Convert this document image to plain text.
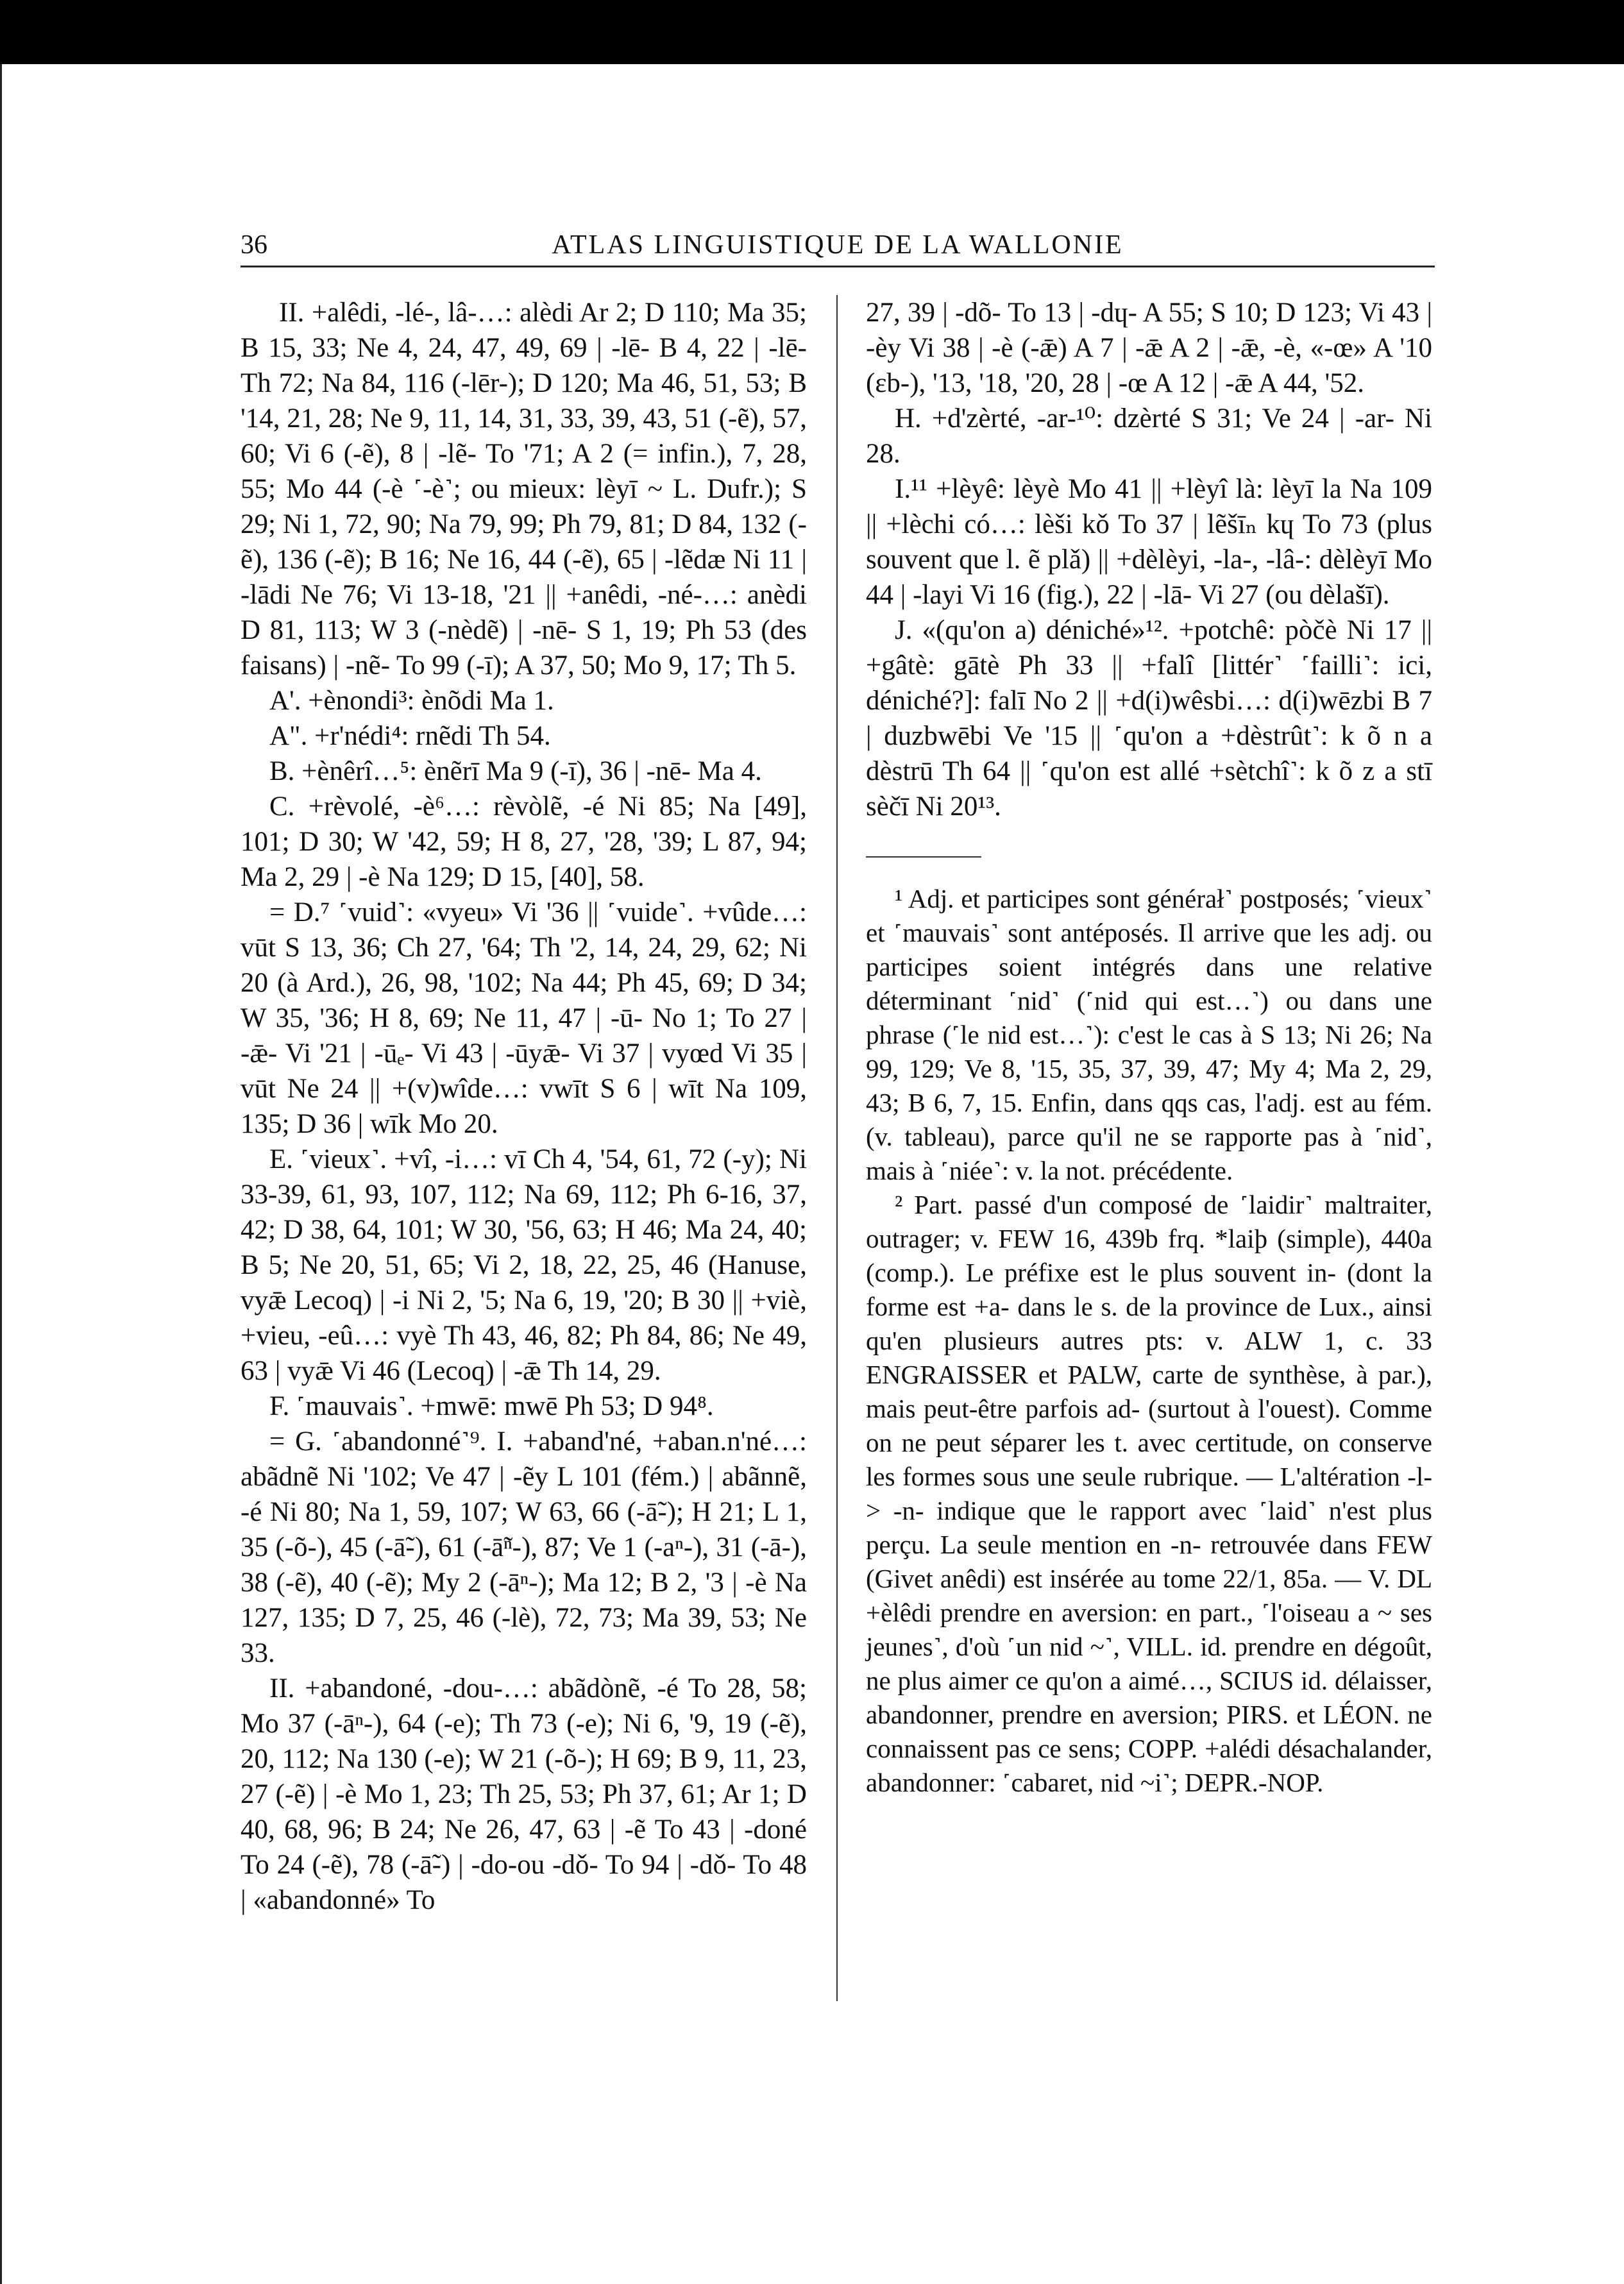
36	ATLAS LINGUISTIQUE DE LA WALLONIE

II. +alêdi, -lé-, lâ-…: alèdi Ar 2; D 110; Ma 35; B 15, 33; Ne 4, 24, 47, 49, 69 | -lē- B 4, 22 | -lē- Th 72; Na 84, 116 (-lēr-); D 120; Ma 46, 51, 53; B '14, 21, 28; Ne 9, 11, 14, 31, 33, 39, 43, 51 (-ẽ), 57, 60; Vi 6 (-ẽ), 8 | -lẽ- To '71; A 2 (= infin.), 7, 28, 55; Mo 44 (-è ˹-è˺; ou mieux: lèyī ~ L. Dufr.); S 29; Ni 1, 72, 90; Na 79, 99; Ph 79, 81; D 84, 132 (-ẽ), 136 (-ẽ); B 16; Ne 16, 44 (-ẽ), 65 | -lẽdæ Ni 11 | -lādi Ne 76; Vi 13-18, '21 || +anêdi, -né-…: anèdi D 81, 113; W 3 (-nèdẽ) | -nē- S 1, 19; Ph 53 (des faisans) | -nẽ- To 99 (-ī); A 37, 50; Mo 9, 17; Th 5.

A'. +ènondi³: ènõdi Ma 1.

A". +r'nédi⁴: rnẽdi Th 54.

B. +ènêrî…⁵: ènẽrī Ma 9 (-ī), 36 | -nē- Ma 4.

C. +rèvolé, -è⁶…: rèvòlẽ, -é Ni 85; Na [49], 101; D 30; W '42, 59; H 8, 27, '28, '39; L 87, 94; Ma 2, 29 | -è Na 129; D 15, [40], 58.

= D.⁷ ˹vuid˺: «vyeu» Vi '36 || ˹vuide˺. +vûde…: vūt S 13, 36; Ch 27, '64; Th '2, 14, 24, 29, 62; Ni 20 (à Ard.), 26, 98, '102; Na 44; Ph 45, 69; D 34; W 35, '36; H 8, 69; Ne 11, 47 | -ū- No 1; To 27 | -ǣ- Vi '21 | -ūₑ- Vi 43 | -ūyǣ- Vi 37 | vyœd Vi 35 | vūt Ne 24 || +(v)wîde…: vwīt S 6 | wīt Na 109, 135; D 36 | wīk Mo 20.

E. ˹vieux˺. +vî, -i…: vī Ch 4, '54, 61, 72 (-y); Ni 33-39, 61, 93, 107, 112; Na 69, 112; Ph 6-16, 37, 42; D 38, 64, 101; W 30, '56, 63; H 46; Ma 24, 40; B 5; Ne 20, 51, 65; Vi 2, 18, 22, 25, 46 (Hanuse, vyǣ Lecoq) | -i Ni 2, '5; Na 6, 19, '20; B 30 || +viè, +vieu, -eû…: vyè Th 43, 46, 82; Ph 84, 86; Ne 49, 63 | vyǣ Vi 46 (Lecoq) | -ǣ Th 14, 29.

F. ˹mauvais˺. +mwē: mwē Ph 53; D 94⁸.

= G. ˹abandonné˺⁹. I. +aband'né, +aban.n'né…: abãdnẽ Ni '102; Ve 47 | -ẽy L 101 (fém.) | abãnnẽ, -é Ni 80; Na 1, 59, 107; W 63, 66 (-ā̃-); H 21; L 1, 35 (-õ-), 45 (-ā̃-), 61 (-ā̃ⁿ-), 87; Ve 1 (-aⁿ-), 31 (-ā-), 38 (-ẽ), 40 (-ẽ); My 2 (-āⁿ-); Ma 12; B 2, '3 | -è Na 127, 135; D 7, 25, 46 (-lè), 72, 73; Ma 39, 53; Ne 33.

II. +abandoné, -dou-…: abãdònẽ, -é To 28, 58; Mo 37 (-āⁿ-), 64 (-e); Th 73 (-e); Ni 6, '9, 19 (-ẽ), 20, 112; Na 130 (-e); W 21 (-õ-); H 69; B 9, 11, 23, 27 (-ẽ) | -è Mo 1, 23; Th 25, 53; Ph 37, 61; Ar 1; D 40, 68, 96; B 24; Ne 26, 47, 63 | -ẽ To 43 | -doné To 24 (-ẽ), 78 (-ā̃-) | -do-ou -dǒ- To 94 | -dǒ- To 48 | «abandonné» To

27, 39 | -dõ- To 13 | -dɥ- A 55; S 10; D 123; Vi 43 | -èy Vi 38 | -è (-ǣ) A 7 | -ǣ A 2 | -ǣ, -è, «-œ» A '10 (ɛb-), '13, '18, '20, 28 | -œ A 12 | -ǣ A 44, '52.

H. +d'zèrté, -ar-¹⁰: dzèrté S 31; Ve 24 | -ar- Ni 28.

I.¹¹ +lèyê: lèyè Mo 41 || +lèyî là: lèyī la Na 109 || +lèchi có…: lèši kǒ To 37 | lẽšīₙ kɥ To 73 (plus souvent que l. ẽ plǎ) || +dèlèyi, -la-, -lâ-: dèlèyī Mo 44 | -layi Vi 16 (fig.), 22 | -lā- Vi 27 (ou dèlašī).

J. «(qu'on a) déniché»¹². +potchê: pòčè Ni 17 || +gâtè: gātè Ph 33 || +falî [littér˺ ˹failli˺: ici, déniché?]: falī No 2 || +d(i)wêsbi…: d(i)wēzbi B 7 | duzbwēbi Ve '15 || ˹qu'on a +dèstrût˺: k õ n a dèstrū Th 64 || ˹qu'on est allé +sètchî˺: k õ z a stī sèčī Ni 20¹³.

¹ Adj. et participes sont générał˺ postposés; ˹vieux˺ et ˹mauvais˺ sont antéposés. Il arrive que les adj. ou participes soient intégrés dans une relative déterminant ˹nid˺ (˹nid qui est…˺) ou dans une phrase (˹le nid est…˺): c'est le cas à S 13; Ni 26; Na 99, 129; Ve 8, '15, 35, 37, 39, 47; My 4; Ma 2, 29, 43; B 6, 7, 15. Enfin, dans qqs cas, l'adj. est au fém. (v. tableau), parce qu'il ne se rapporte pas à ˹nid˺, mais à ˹niée˺: v. la not. précédente.

² Part. passé d'un composé de ˹laidir˺ maltraiter, outrager; v. FEW 16, 439b frq. *laiþ (simple), 440a (comp.). Le préfixe est le plus souvent in- (dont la forme est +a- dans le s. de la province de Lux., ainsi qu'en plusieurs autres pts: v. ALW 1, c. 33 ENGRAISSER et PALW, carte de synthèse, à par.), mais peut-être parfois ad- (surtout à l'ouest). Comme on ne peut séparer les t. avec certitude, on conserve les formes sous une seule rubrique. — L'altération -l- > -n- indique que le rapport avec ˹laid˺ n'est plus perçu. La seule mention en -n- retrouvée dans FEW (Givet anêdi) est insérée au tome 22/1, 85a. — V. DL +èlêdi prendre en aversion: en part., ˹l'oiseau a ~ ses jeunes˺, d'où ˹un nid ~˺, VILL. id. prendre en dégoût, ne plus aimer ce qu'on a aimé…, SCIUS id. délaisser, abandonner, prendre en aversion; PIRS. et LÉON. ne connaissent pas ce sens; COPP. +alédi désachalander, abandonner: ˹cabaret, nid ~i˺; DEPR.-NOP.
